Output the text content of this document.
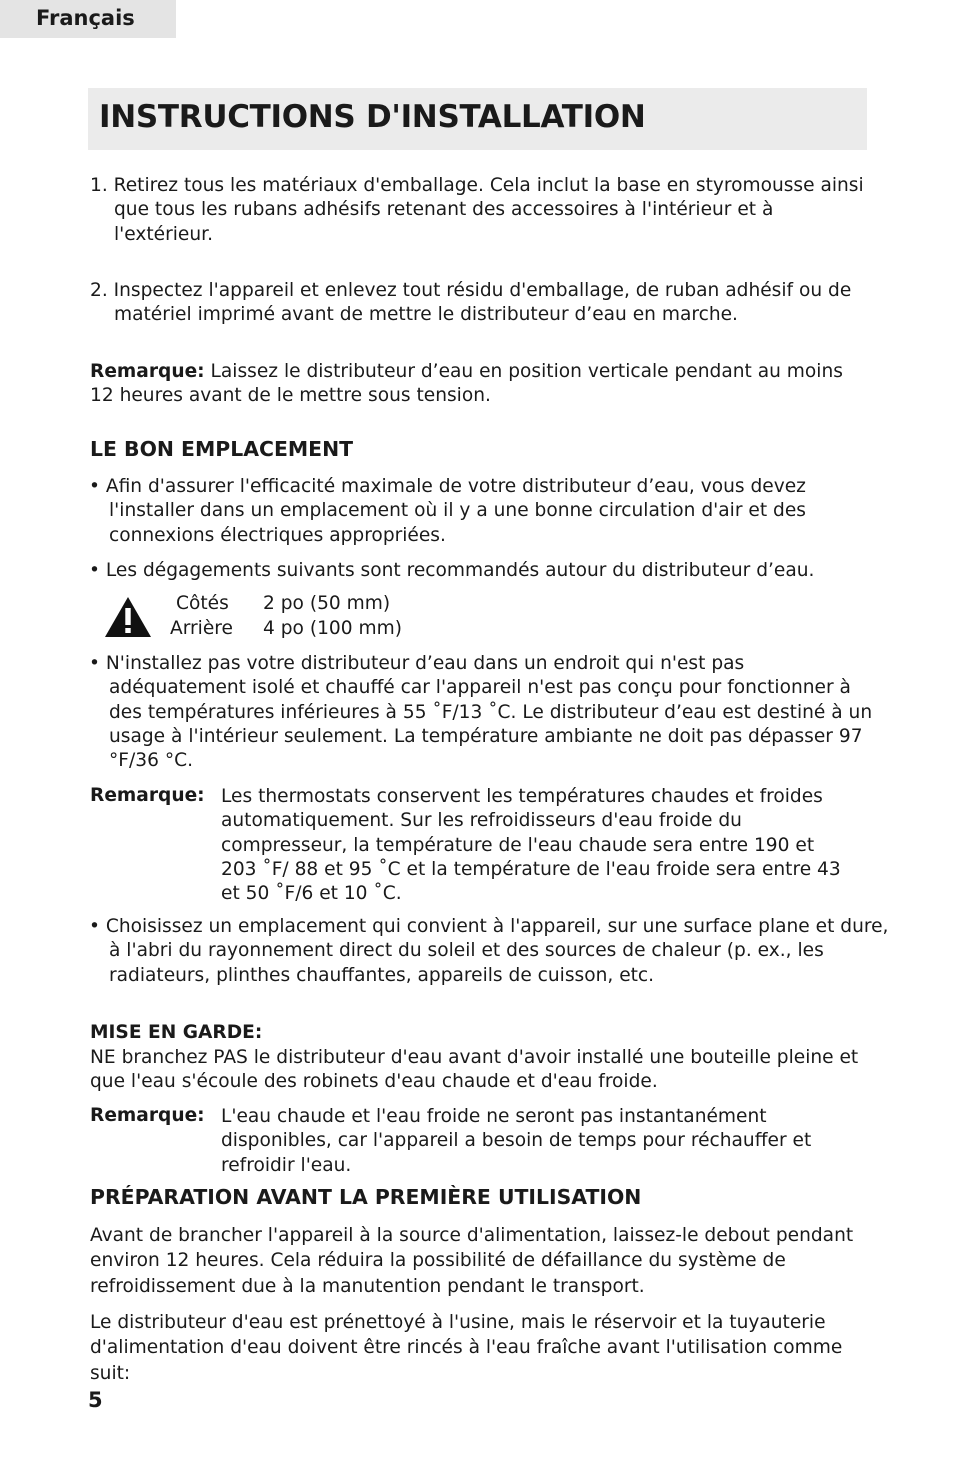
Français
INSTRUCTIONS D'INSTALLATION
1. Retirez tous les matériaux d'emballage. Cela inclut la base en styromousse ainsi que tous les rubans adhésifs retenant des accessoires à l'intérieur et à l'extérieur.
2. Inspectez l'appareil et enlevez tout résidu d'emballage, de ruban adhésif ou de matériel imprimé avant de mettre le distributeur d’eau en marche.
Remarque: Laissez le distributeur d’eau en position verticale pendant au moins 12 heures avant de le mettre sous tension.
LE BON EMPLACEMENT
• Afin d'assurer l'efficacité maximale de votre distributeur d’eau, vous devez l'installer dans un emplacement où il y a une bonne circulation d'air et des connexions électriques appropriées.
• Les dégagements suivants sont recommandés autour du distributeur d’eau.
Côtés 2 po (50 mm)
Arrière 4 po (100 mm)
• N'installez pas votre distributeur d’eau dans un endroit qui n'est pas adéquatement isolé et chauffé car l'appareil n'est pas conçu pour fonctionner à des températures inférieures à 55 ˚F/13 ˚C. Le distributeur d’eau est destiné à un usage à l'intérieur seulement. La température ambiante ne doit pas dépasser 97 °F/36 °C.
Remarque: Les thermostats conservent les températures chaudes et froides automatiquement. Sur les refroidisseurs d'eau froide du compresseur, la température de l'eau chaude sera entre 190 et 203 ˚F/ 88 et 95 ˚C et la température de l'eau froide sera entre 43 et 50 ˚F/6 et 10 ˚C.
• Choisissez un emplacement qui convient à l'appareil, sur une surface plane et dure, à l'abri du rayonnement direct du soleil et des sources de chaleur (p. ex., les radiateurs, plinthes chauffantes, appareils de cuisson, etc.
MISE EN GARDE:
NE branchez PAS le distributeur d'eau avant d'avoir installé une bouteille pleine et que l'eau s'écoule des robinets d'eau chaude et d'eau froide.
Remarque: L'eau chaude et l'eau froide ne seront pas instantanément disponibles, car l'appareil a besoin de temps pour réchauffer et refroidir l'eau.
PRÉPARATION AVANT LA PREMIÈRE UTILISATION
Avant de brancher l'appareil à la source d'alimentation, laissez-le debout pendant environ 12 heures. Cela réduira la possibilité de défaillance du système de refroidissement due à la manutention pendant le transport.
Le distributeur d'eau est prénettoyé à l'usine, mais le réservoir et la tuyauterie d'alimentation d'eau doivent être rincés à l'eau fraîche avant l'utilisation comme suit:
5
